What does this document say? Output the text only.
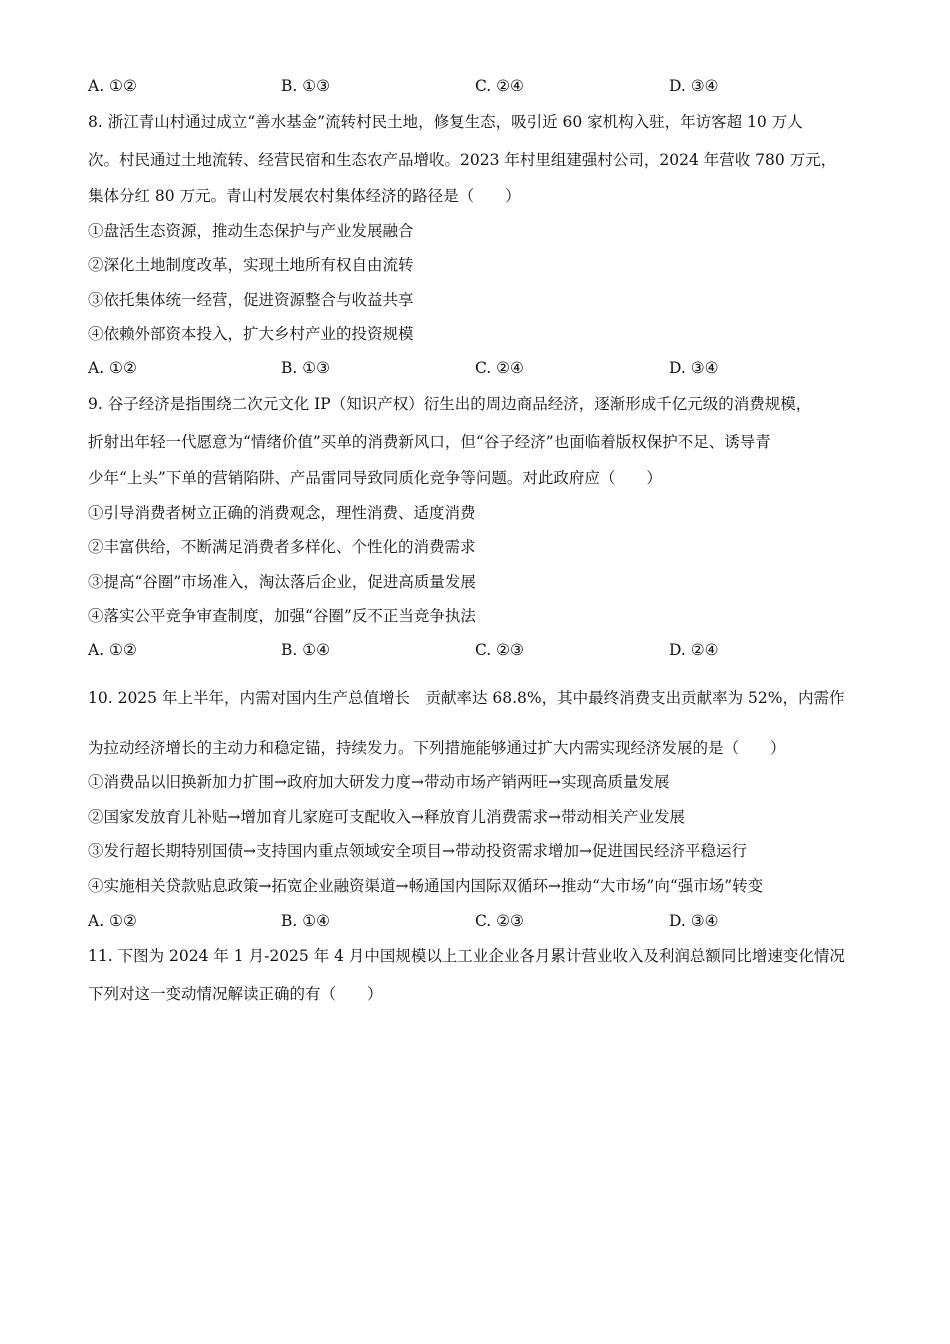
A. ①②	B. ①③	C. ②④	D. ③④
8. 浙江青山村通过成立“善水基金”流转村民土地，修复生态，吸引近 60 家机构入驻，年访客超 10 万人
次。村民通过土地流转、经营民宿和生态农产品增收。2023 年村里组建强村公司，2024 年营收 780 万元，
集体分红 80 万元。青山村发展农村集体经济的路径是（　　）
①盘活生态资源，推动生态保护与产业发展融合
②深化土地制度改革，实现土地所有权自由流转
③依托集体统一经营，促进资源整合与收益共享
④依赖外部资本投入，扩大乡村产业的投资规模
A. ①②	B. ①③	C. ②④	D. ③④
9. 谷子经济是指围绕二次元文化 IP（知识产权）衍生出的周边商品经济，逐渐形成千亿元级的消费规模，
折射出年轻一代愿意为“情绪价值”买单的消费新风口，但“谷子经济”也面临着版权保护不足、诱导青
少年“上头”下单的营销陷阱、产品雷同导致同质化竞争等问题。对此政府应（　　）
①引导消费者树立正确的消费观念，理性消费、适度消费
②丰富供给，不断满足消费者多样化、个性化的消费需求
③提高“谷圈”市场准入，淘汰落后企业，促进高质量发展
④落实公平竞争审查制度，加强“谷圈”反不正当竞争执法
A. ①②	B. ①④	C. ②③	D. ②④
10. 2025 年上半年，内需对国内生产总值增长　贡献率达 68.8%，其中最终消费支出贡献率为 52%，内需作
为拉动经济增长的主动力和稳定锚，持续发力。下列措施能够通过扩大内需实现经济发展的是（　　）
①消费品以旧换新加力扩围→政府加大研发力度→带动市场产销两旺→实现高质量发展
②国家发放育儿补贴→增加育儿家庭可支配收入→释放育儿消费需求→带动相关产业发展
③发行超长期特别国债→支持国内重点领域安全项目→带动投资需求增加→促进国民经济平稳运行
④实施相关贷款贴息政策→拓宽企业融资渠道→畅通国内国际双循环→推动“大市场”向“强市场”转变
A. ①②	B. ①④	C. ②③	D. ③④
11. 下图为 2024 年 1 月-2025 年 4 月中国规模以上工业企业各月累计营业收入及利润总额同比增速变化情况
下列对这一变动情况解读正确的有（　　）
